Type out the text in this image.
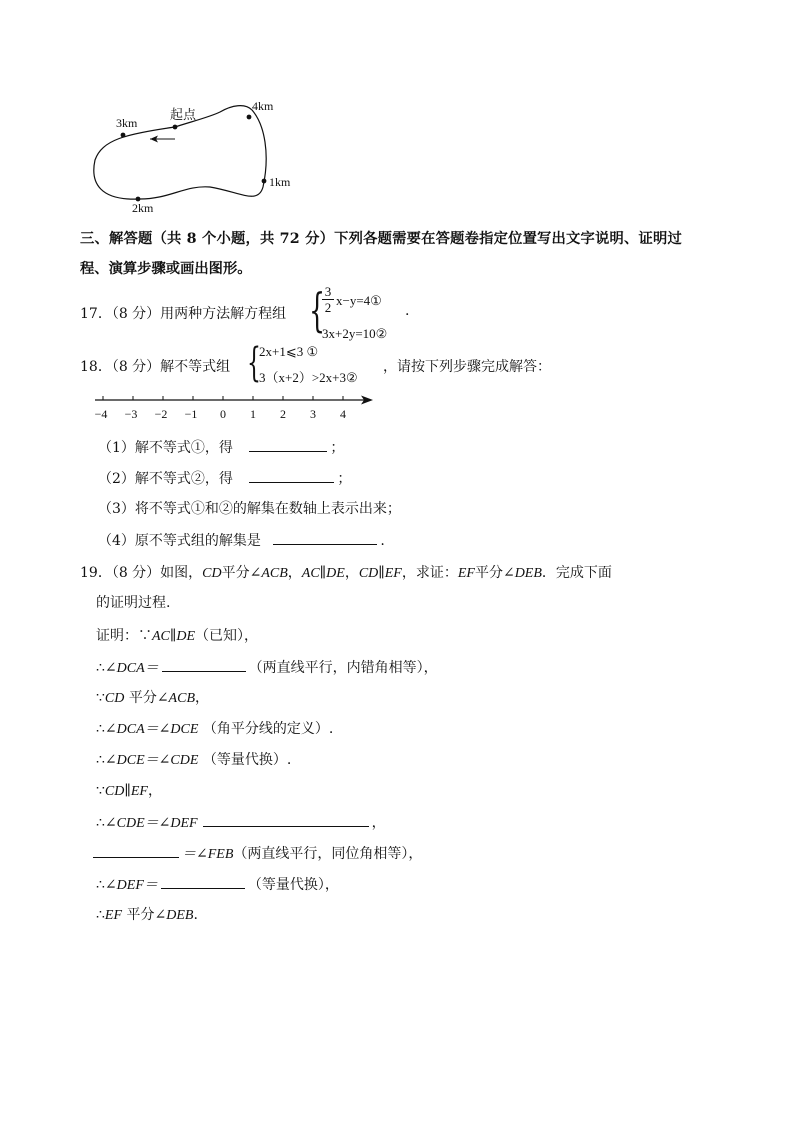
起点
3km
4km
1km
2km
三、解答题（共 8 个小题，共 72 分）下列各题需要在答题卷指定位置写出文字说明、证明过
程、演算步骤或画出图形。
17．（8 分）用两种方法解方程组 { 3
2 x−y=4①
3x+2y=10②
.
18．（8 分）解不等式组 {
2x+1⩽3 ①
3（x+2）>2x+3②
，请按下列步骤完成解答：
−4	−3	−2	−1	0	1	2	3	4
（1）解不等式①，得	；
（2）解不等式②，得	；
（3）将不等式①和②的解集在数轴上表示出来；
（4）原不等式组的解集是	.
19．（8 分）如图，CD平分∠ACB，AC∥DE，CD∥EF，求证：EF平分∠DEB．完成下面
的证明过程.
证明：∵AC∥DE（已知），
∴∠DCA＝	（两直线平行，内错角相等），
∵CD 平分∠ACB，
∴∠DCA＝∠DCE （角平分线的定义）.
∴∠DCE＝∠CDE （等量代换）.
∵CD∥EF，
∴∠CDE＝∠DEF	，
＝∠FEB（两直线平行，同位角相等），
∴∠DEF＝	（等量代换），
∴EF 平分∠DEB.
